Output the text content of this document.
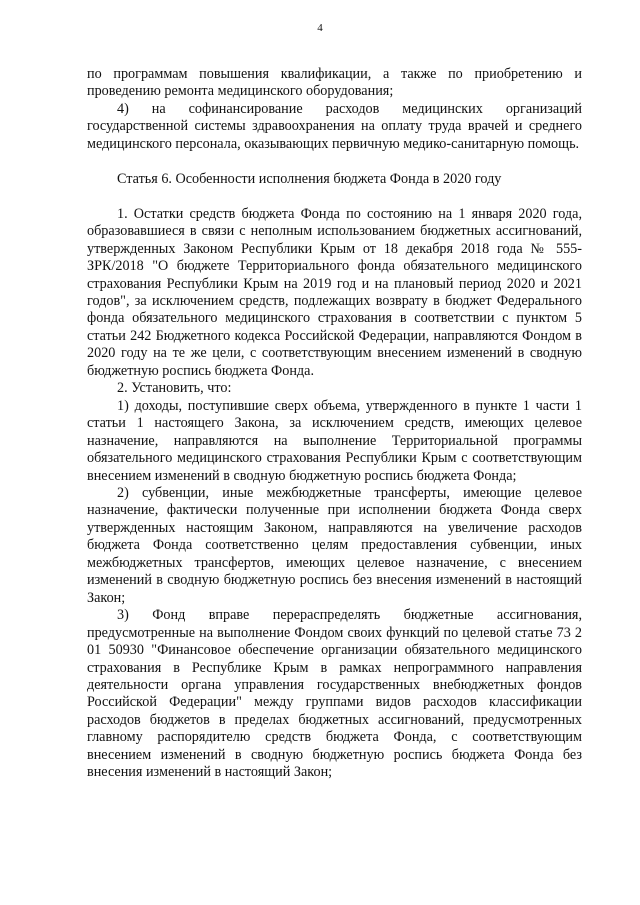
4

по программам повышения квалификации, а также по приобретению и проведению ремонта медицинского оборудования;

4) на софинансирование расходов медицинских организаций государственной системы здравоохранения на оплату труда врачей и среднего медицинского персонала, оказывающих первичную медико-санитарную помощь.

Статья 6. Особенности исполнения бюджета Фонда в 2020 году

1. Остатки средств бюджета Фонда по состоянию на 1 января 2020 года, образовавшиеся в связи с неполным использованием бюджетных ассигнований, утвержденных Законом Республики Крым от 18 декабря 2018 года № 555-ЗРК/2018 "О бюджете Территориального фонда обязательного медицинского страхования Республики Крым на 2019 год и на плановый период 2020 и 2021 годов", за исключением средств, подлежащих возврату в бюджет Федерального фонда обязательного медицинского страхования в соответствии с пунктом 5 статьи 242 Бюджетного кодекса Российской Федерации, направляются Фондом в 2020 году на те же цели, с соответствующим внесением изменений в сводную бюджетную роспись бюджета Фонда.

2. Установить, что:

1) доходы, поступившие сверх объема, утвержденного в пункте 1 части 1 статьи 1 настоящего Закона, за исключением средств, имеющих целевое назначение, направляются на выполнение Территориальной программы обязательного медицинского страхования Республики Крым с соответствующим внесением изменений в сводную бюджетную роспись бюджета Фонда;

2) субвенции, иные межбюджетные трансферты, имеющие целевое назначение, фактически полученные при исполнении бюджета Фонда сверх утвержденных настоящим Законом, направляются на увеличение расходов бюджета Фонда соответственно целям предоставления субвенции, иных межбюджетных трансфертов, имеющих целевое назначение, с внесением изменений в сводную бюджетную роспись без внесения изменений в настоящий Закон;

3) Фонд вправе перераспределять бюджетные ассигнования, предусмотренные на выполнение Фондом своих функций по целевой статье 73 2 01 50930 "Финансовое обеспечение организации обязательного медицинского страхования в Республике Крым в рамках непрограммного направления деятельности органа управления государственных внебюджетных фондов Российской Федерации" между группами видов расходов классификации расходов бюджетов в пределах бюджетных ассигнований, предусмотренных главному распорядителю средств бюджета Фонда, с соответствующим внесением изменений в сводную бюджетную роспись бюджета Фонда без внесения изменений в настоящий Закон;
